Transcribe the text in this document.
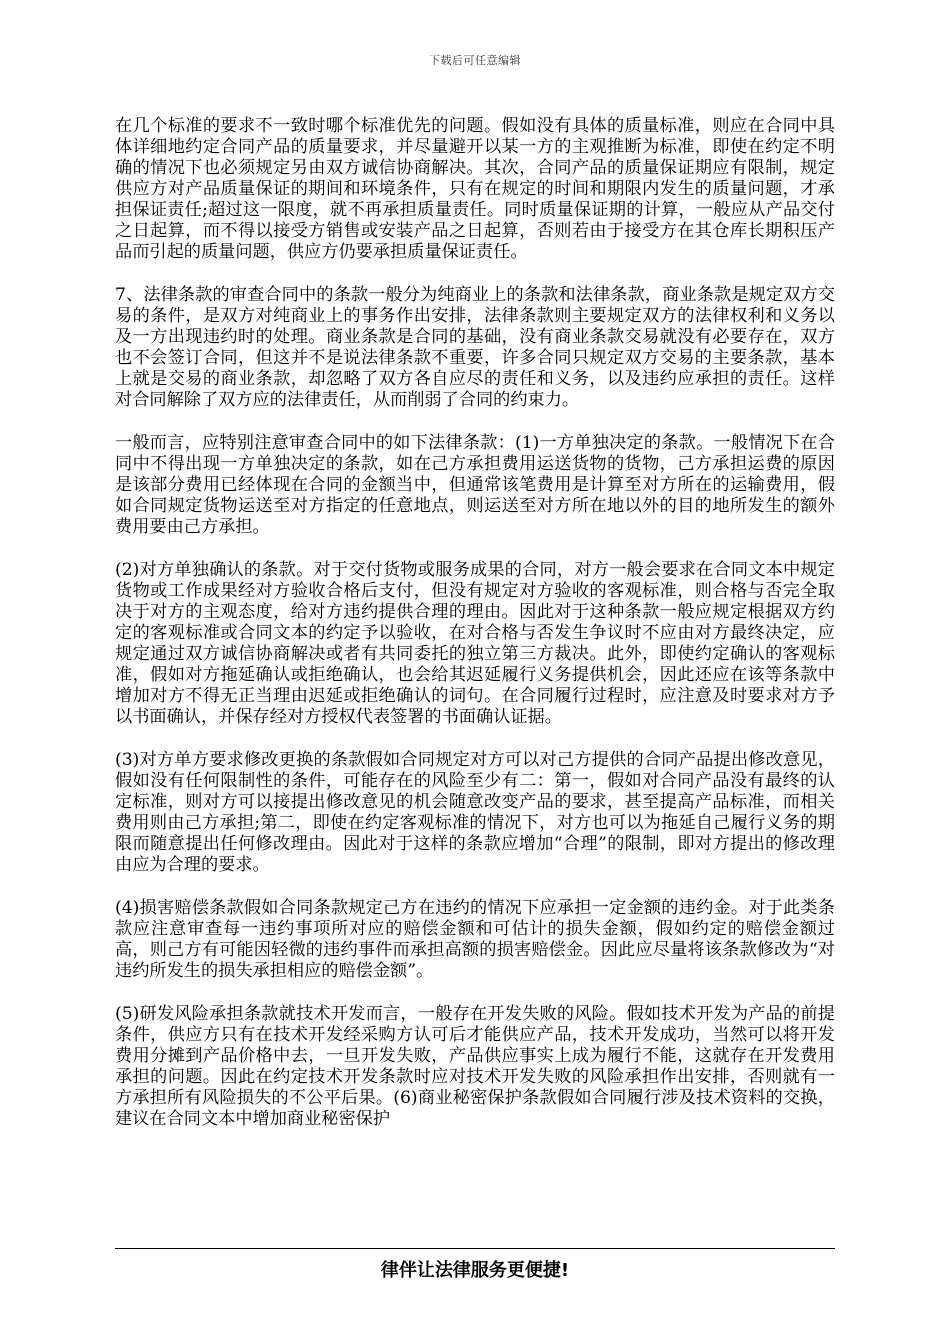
下载后可任意编辑

在几个标准的要求不一致时哪个标准优先的问题。假如没有具体的质量标准，则应在合同中具体详细地约定合同产品的质量要求，并尽量避开以某一方的主观推断为标准，即使在约定不明确的情况下也必须规定另由双方诚信协商解决。其次，合同产品的质量保证期应有限制，规定供应方对产品质量保证的期间和环境条件，只有在规定的时间和期限内发生的质量问题，才承担保证责任;超过这一限度，就不再承担质量责任。同时质量保证期的计算，一般应从产品交付之日起算，而不得以接受方销售或安装产品之日起算，否则若由于接受方在其仓库长期积压产品而引起的质量问题，供应方仍要承担质量保证责任。

7、法律条款的审查合同中的条款一般分为纯商业上的条款和法律条款，商业条款是规定双方交易的条件，是双方对纯商业上的事务作出安排，法律条款则主要规定双方的法律权利和义务以及一方出现违约时的处理。商业条款是合同的基础，没有商业条款交易就没有必要存在，双方也不会签订合同，但这并不是说法律条款不重要，许多合同只规定双方交易的主要条款，基本上就是交易的商业条款，却忽略了双方各自应尽的责任和义务，以及违约应承担的责任。这样对合同解除了双方应的法律责任，从而削弱了合同的约束力。

一般而言，应特别注意审查合同中的如下法律条款：(1)一方单独决定的条款。一般情况下在合同中不得出现一方单独决定的条款，如在己方承担费用运送货物的货物，己方承担运费的原因是该部分费用已经体现在合同的金额当中，但通常该笔费用是计算至对方所在的运输费用，假如合同规定货物运送至对方指定的任意地点，则运送至对方所在地以外的目的地所发生的额外费用要由己方承担。

(2)对方单独确认的条款。对于交付货物或服务成果的合同，对方一般会要求在合同文本中规定货物或工作成果经对方验收合格后支付，但没有规定对方验收的客观标准，则合格与否完全取决于对方的主观态度，给对方违约提供合理的理由。因此对于这种条款一般应规定根据双方约定的客观标准或合同文本的约定予以验收，在对合格与否发生争议时不应由对方最终决定，应规定通过双方诚信协商解决或者有共同委托的独立第三方裁决。此外，即使约定确认的客观标准，假如对方拖延确认或拒绝确认，也会给其迟延履行义务提供机会，因此还应在该等条款中增加对方不得无正当理由迟延或拒绝确认的词句。在合同履行过程时，应注意及时要求对方予以书面确认，并保存经对方授权代表签署的书面确认证据。

(3)对方单方要求修改更换的条款假如合同规定对方可以对己方提供的合同产品提出修改意见，假如没有任何限制性的条件，可能存在的风险至少有二：第一，假如对合同产品没有最终的认定标准，则对方可以接提出修改意见的机会随意改变产品的要求，甚至提高产品标准，而相关费用则由己方承担;第二，即使在约定客观标准的情况下，对方也可以为拖延自己履行义务的期限而随意提出任何修改理由。因此对于这样的条款应增加“合理”的限制，即对方提出的修改理由应为合理的要求。

(4)损害赔偿条款假如合同条款规定己方在违约的情况下应承担一定金额的违约金。对于此类条款应注意审查每一违约事项所对应的赔偿金额和可估计的损失金额，假如约定的赔偿金额过高，则己方有可能因轻微的违约事件而承担高额的损害赔偿金。因此应尽量将该条款修改为“对违约所发生的损失承担相应的赔偿金额”。

(5)研发风险承担条款就技术开发而言，一般存在开发失败的风险。假如技术开发为产品的前提条件，供应方只有在技术开发经采购方认可后才能供应产品，技术开发成功，当然可以将开发费用分摊到产品价格中去，一旦开发失败，产品供应事实上成为履行不能，这就存在开发费用承担的问题。因此在约定技术开发条款时应对技术开发失败的风险承担作出安排，否则就有一方承担所有风险损失的不公平后果。(6)商业秘密保护条款假如合同履行涉及技术资料的交换，建议在合同文本中增加商业秘密保护

律伴让法律服务更便捷!
